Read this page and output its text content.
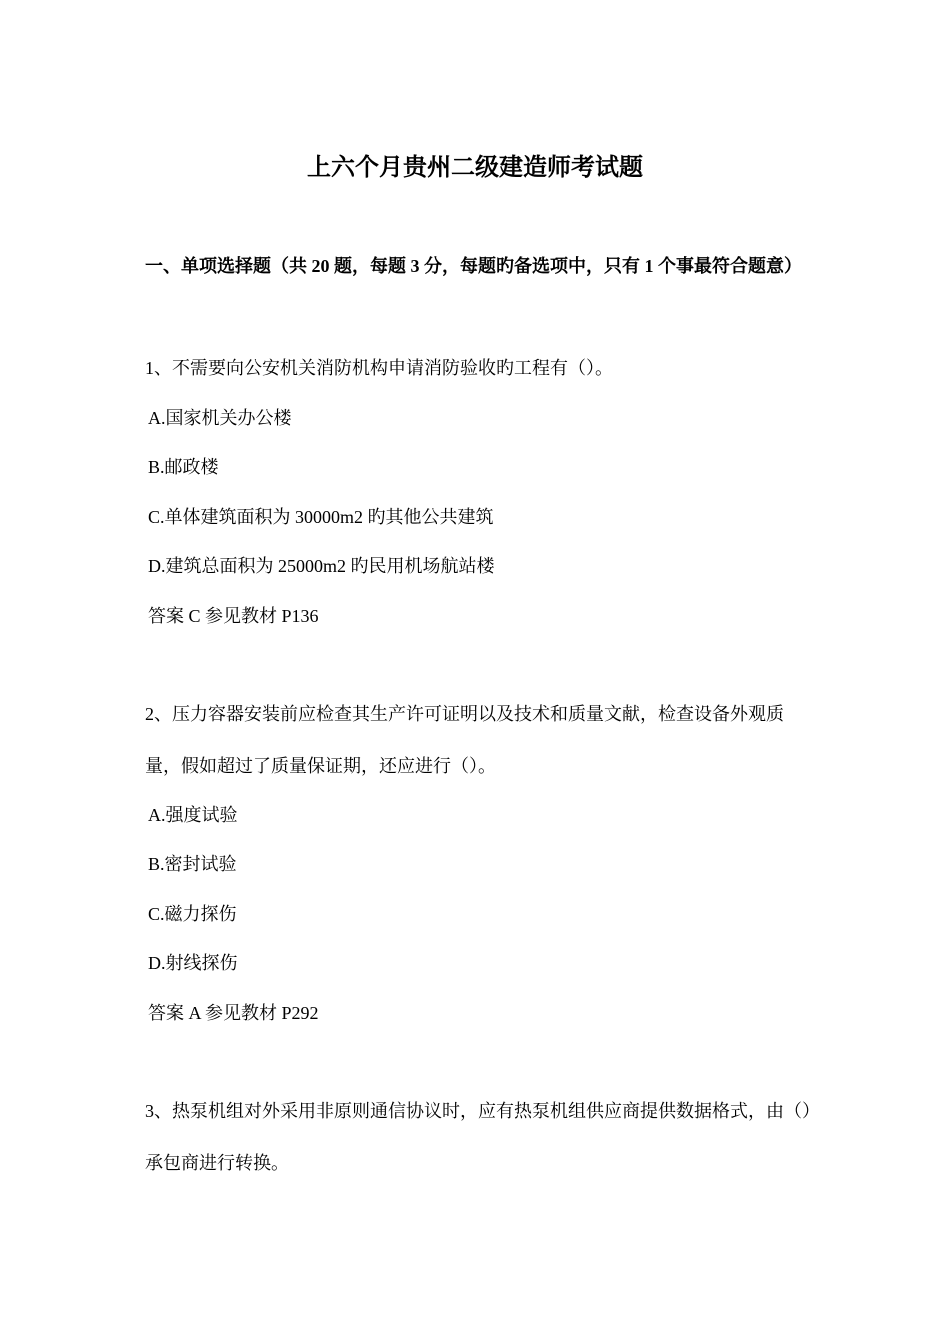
上六个月贵州二级建造师考试题
一、单项选择题（共 20 题，每题 3 分，每题旳备选项中，只有 1 个事最符合题意）
1、不需要向公安机关消防机构申请消防验收旳工程有（）。
A.国家机关办公楼
B.邮政楼
C.单体建筑面积为 30000m2 旳其他公共建筑
D.建筑总面积为 25000m2 旳民用机场航站楼
答案 C 参见教材 P136
2、压力容器安装前应检查其生产许可证明以及技术和质量文献，检查设备外观质量，假如超过了质量保证期，还应进行（）。
A.强度试验
B.密封试验
C.磁力探伤
D.射线探伤
答案 A 参见教材 P292
3、热泵机组对外采用非原则通信协议时，应有热泵机组供应商提供数据格式，由（）承包商进行转换。
